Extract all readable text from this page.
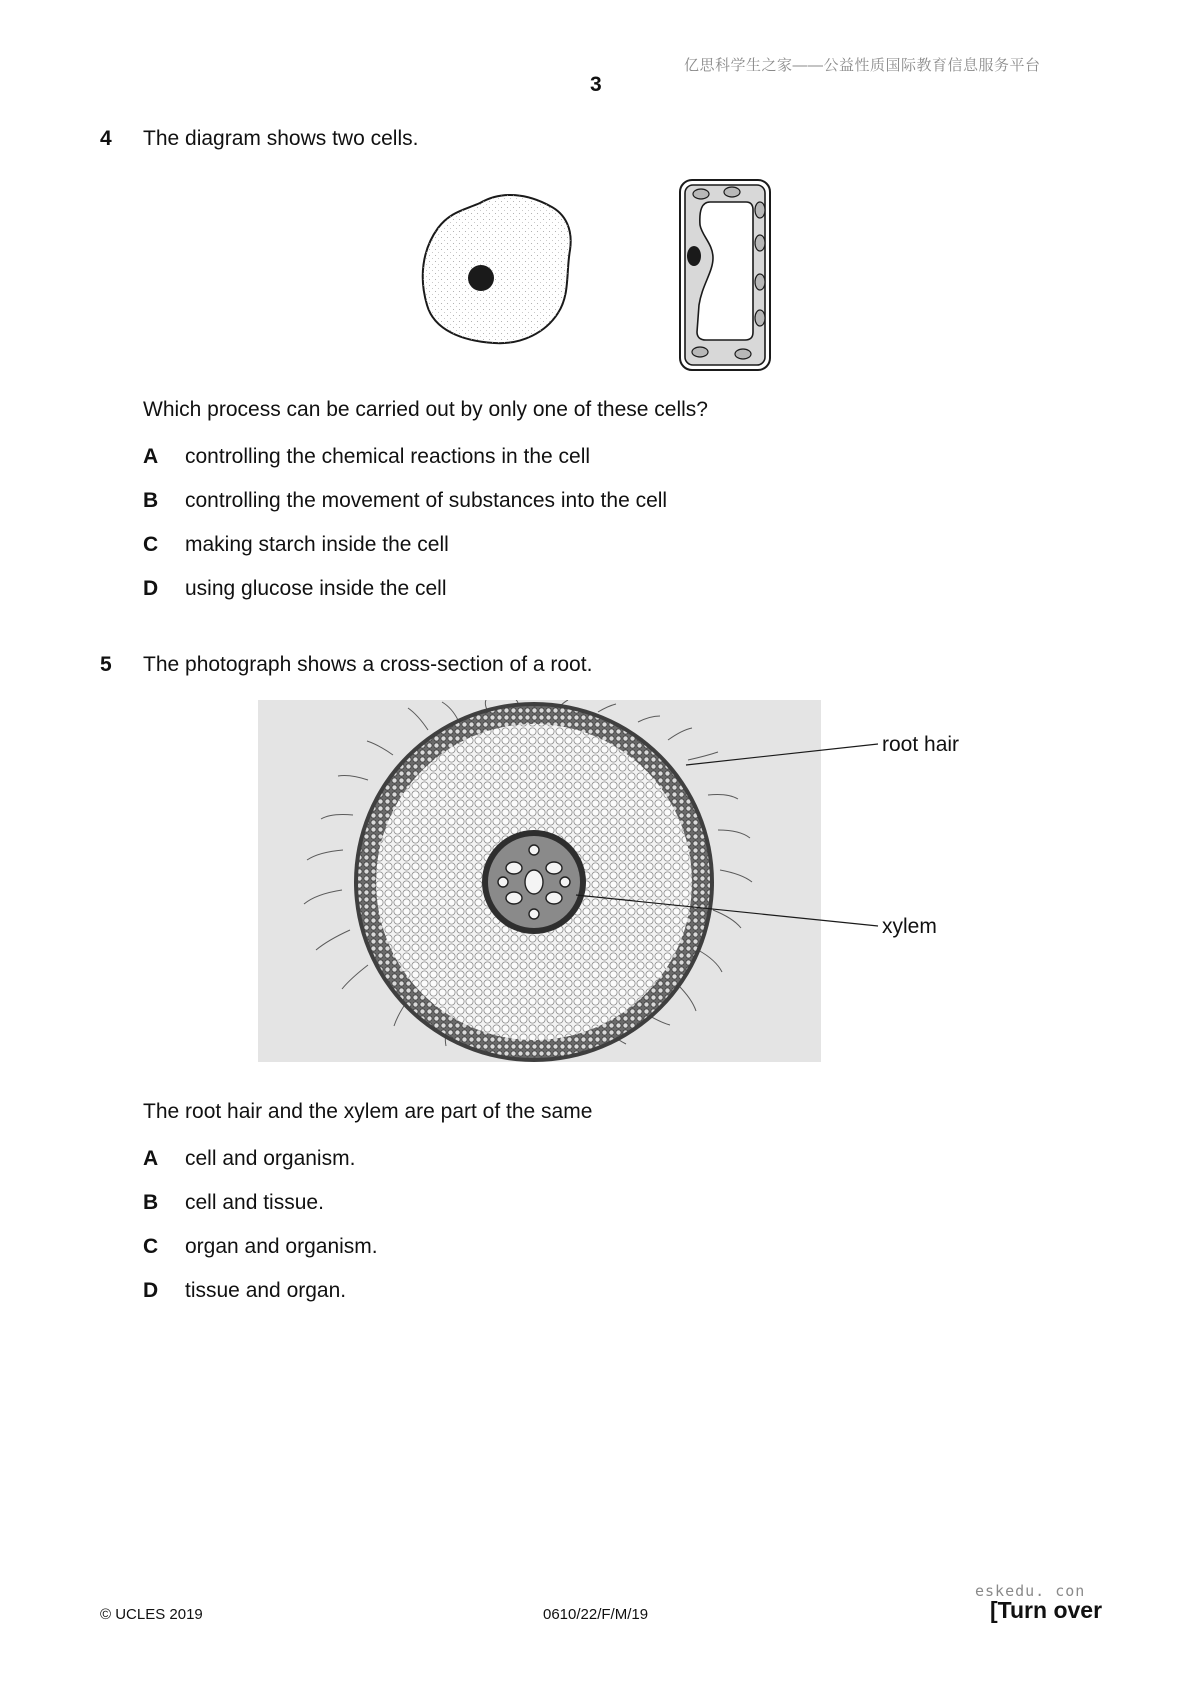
亿思科学生之家——公益性质国际教育信息服务平台
3
4 The diagram shows two cells.
Which process can be carried out by only one of these cells?
A controlling the chemical reactions in the cell
B controlling the movement of substances into the cell
C making starch inside the cell
D using glucose inside the cell
5 The photograph shows a cross-section of a root.
root hair
xylem
The root hair and the xylem are part of the same
A cell and organism.
B cell and tissue.
C organ and organism.
D tissue and organ.
© UCLES 2019	0610/22/F/M/19
eskedu. con
[Turn over
